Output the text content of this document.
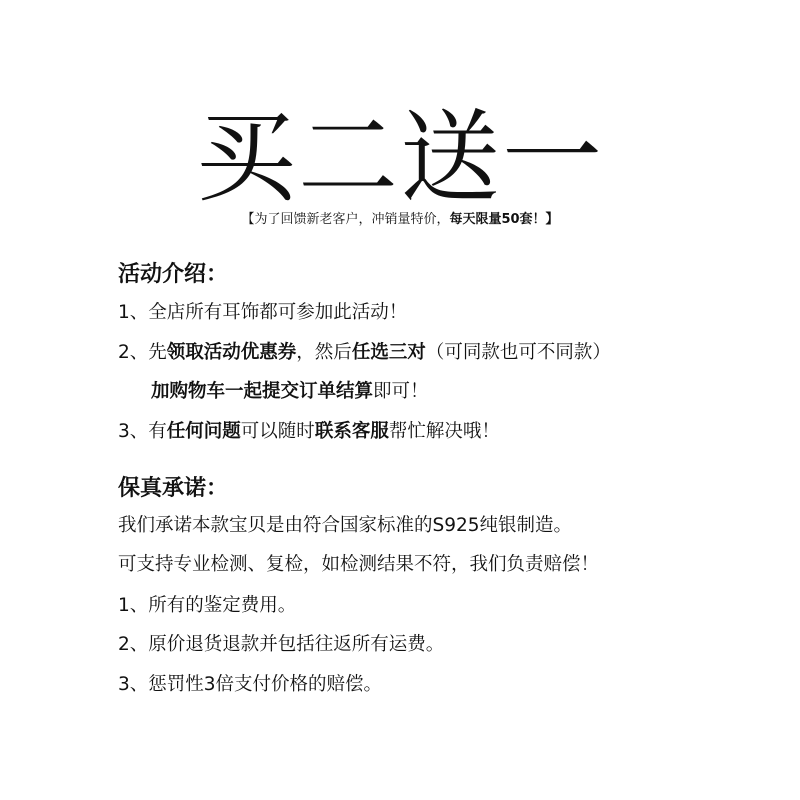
买二送一
【为了回馈新老客户，冲销量特价，每天限量50套！】
活动介绍：
1、全店所有耳饰都可参加此活动！
2、先领取活动优惠券，然后任选三对（可同款也可不同款）
加购物车一起提交订单结算即可！
3、有任何问题可以随时联系客服帮忙解决哦！
保真承诺：
我们承诺本款宝贝是由符合国家标准的S925纯银制造。
可支持专业检测、复检，如检测结果不符，我们负责赔偿！
1、所有的鉴定费用。
2、原价退货退款并包括往返所有运费。
3、惩罚性3倍支付价格的赔偿。
